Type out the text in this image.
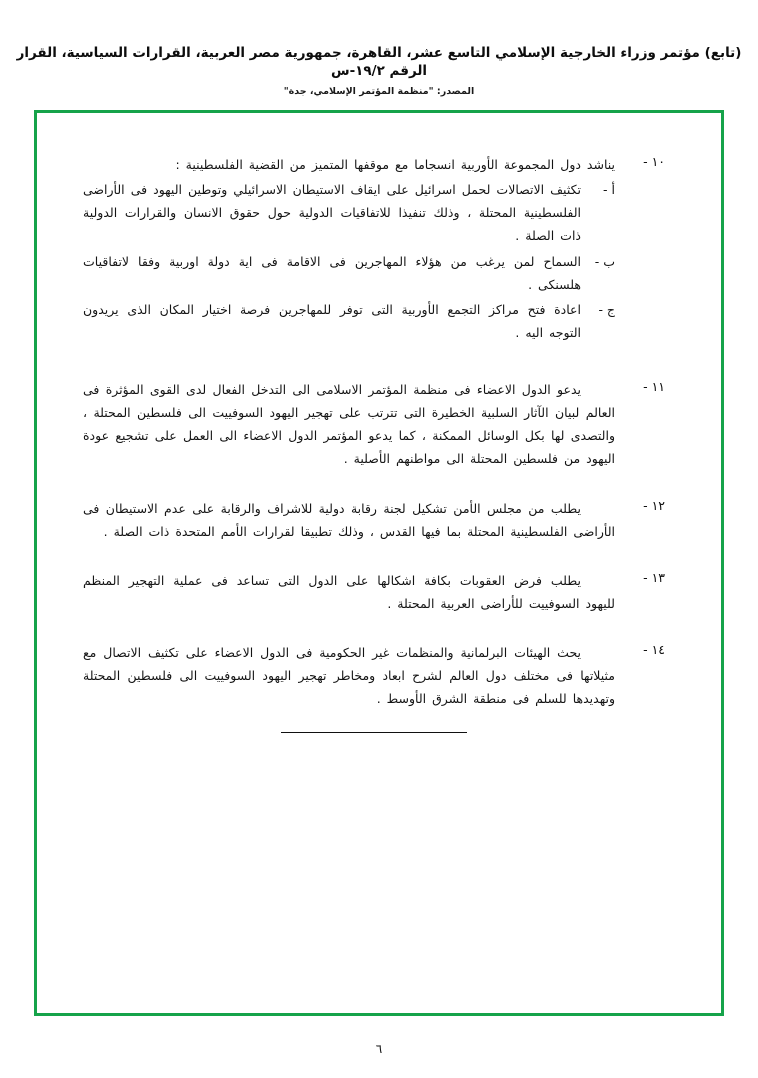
(تابع) مؤتمر وزراء الخارجية الإسلامي التاسع عشر، القاهرة، جمهورية مصر العربية، القرارات السياسية، القرار الرقم ١٩/٢-س
المصدر: "منظمة المؤتمر الإسلامي، جدة"
١٠ -
يناشد دول المجموعة الأوربية انسجاما مع موقفها المتميز من القضية الفلسطينية :
أ -
تكثيف الاتصالات لحمل اسرائيل على ايقاف الاستيطان الاسرائيلي وتوطين اليهود فى الأراضى الفلسطينية المحتلة ، وذلك تنفيذا للاتفاقيات الدولية حول حقوق الانسان والقرارات الدولية ذات الصلة .
ب -
السماح لمن يرغب من هؤلاء المهاجرين فى الاقامة فى اية دولة اوربية وفقا لاتفاقيات هلسنكى .
ج -
اعادة فتح مراكز التجمع الأوربية التى توفر للمهاجرين فرصة اختيار المكان الذى يريدون التوجه اليه .
١١ -
يدعو الدول الاعضاء فى منظمة المؤتمر الاسلامى الى التدخل الفعال لدى القوى المؤثرة فى العالم لبيان الآثار السلبية الخطيرة التى تترتب على تهجير اليهود السوفييت الى فلسطين المحتلة ، والتصدى لها بكل الوسائل الممكنة ، كما يدعو المؤتمر الدول الاعضاء الى العمل على تشجيع عودة اليهود من فلسطين المحتلة الى مواطنهم الأصلية .
١٢ -
يطلب من مجلس الأمن تشكيل لجنة رقابة دولية للاشراف والرقابة على عدم الاستيطان فى الأراضى الفلسطينية المحتلة بما فيها القدس ، وذلك تطبيقا لقرارات الأمم المتحدة ذات الصلة .
١٣ -
يطلب فرض العقوبات بكافة اشكالها على الدول التى تساعد فى عملية التهجير المنظم لليهود السوفييت للأراضى العربية المحتلة .
١٤ -
يحث الهيئات البرلمانية والمنظمات غير الحكومية فى الدول الاعضاء على تكثيف الاتصال مع مثيلاتها فى مختلف دول العالم لشرح ابعاد ومخاطر تهجير اليهود السوفييت الى فلسطين المحتلة وتهديدها للسلم فى منطقة الشرق الأوسط .
٦
